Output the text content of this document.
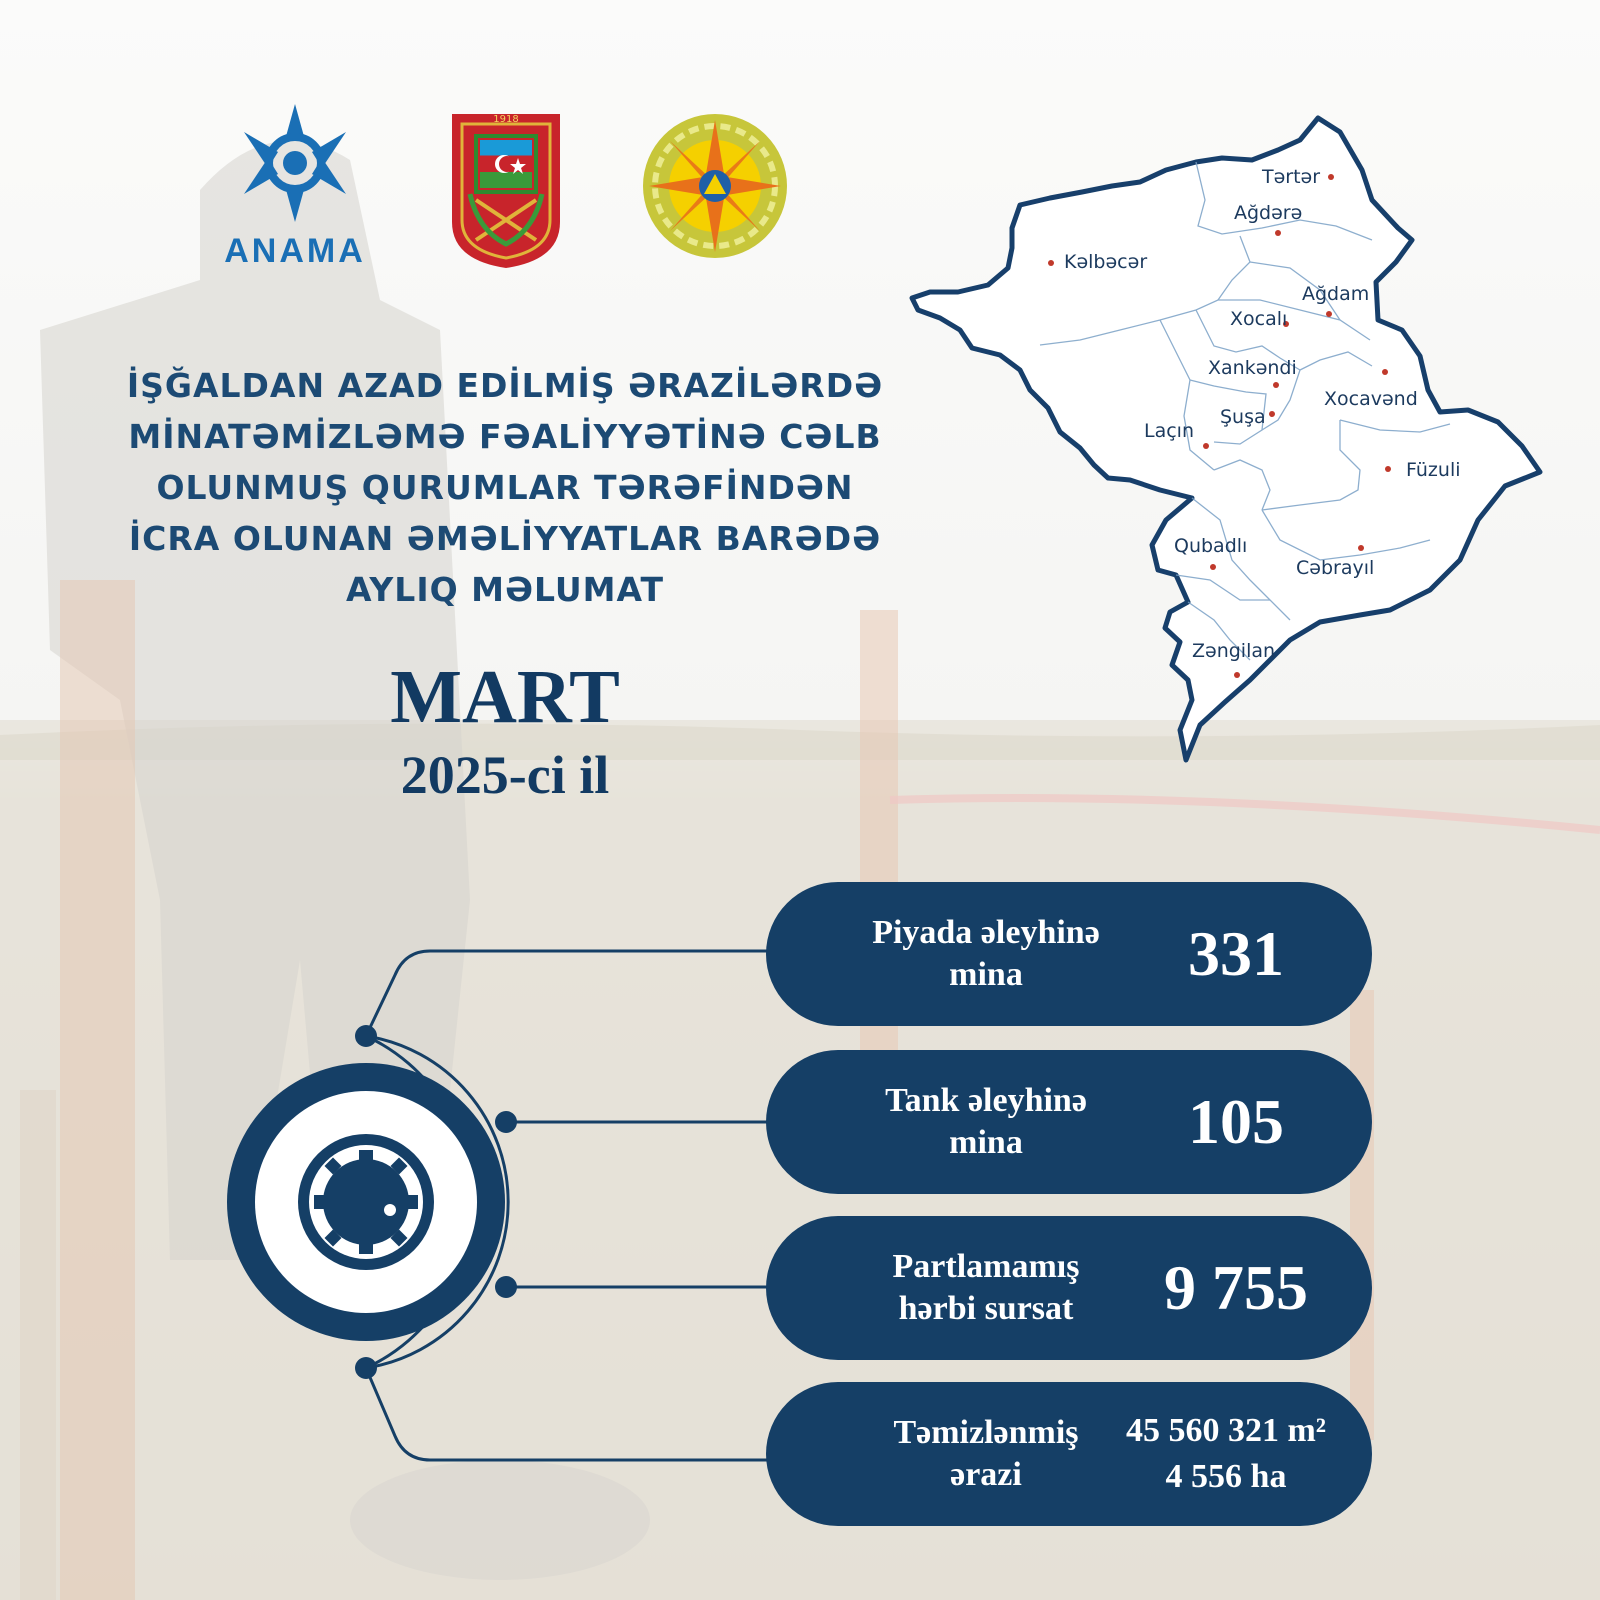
ANAMA
1918
İŞĞALDAN AZAD EDİLMİŞ ƏRAZİLƏRDƏ
MİNATƏMİZLƏMƏ FƏALİYYƏTİNƏ CƏLB
OLUNMUŞ QURUMLAR TƏRƏFİNDƏN
İCRA OLUNAN ƏMƏLİYYATLAR BARƏDƏ
AYLIQ MƏLUMAT
MART
2025-ci il
Tərtər
Ağdərə
Kəlbəcər
Ağdam
Xocalı
Xankəndi
Xocavənd
Şuşa
Laçın
Füzuli
Qubadlı
Cəbrayıl
Zəngilan
Piyada əleyhinə
mina	331
Tank əleyhinə
mina	105
Partlamamış
hərbi sursat	9 755
Təmizlənmiş
ərazi
45 560 321 m²
4 556 ha
